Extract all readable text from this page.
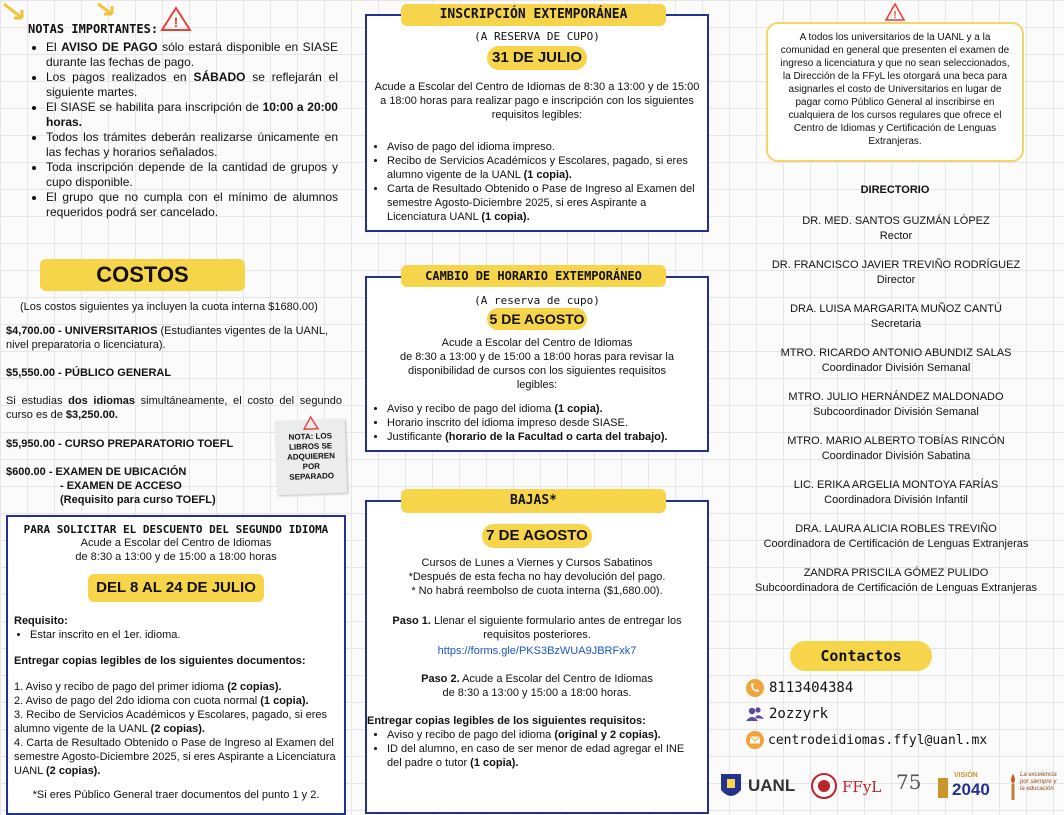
NOTAS IMPORTANTES: !
• El AVISO DE PAGO sólo estará disponible en SIASE durante las fechas de pago.
• Los pagos realizados en SÁBADO se reflejarán el siguiente martes.
• El SIASE se habilita para inscripción de 10:00 a 20:00 horas.
• Todos los trámites deberán realizarse únicamente en las fechas y horarios señalados.
• Toda inscripción depende de la cantidad de grupos y cupo disponible.
• El grupo que no cumpla con el mínimo de alumnos requeridos podrá ser cancelado.
COSTOS
(Los costos siguientes ya incluyen la cuota interna $1680.00)
$4,700.00 - UNIVERSITARIOS (Estudiantes vigentes de la UANL, nivel preparatoria o licenciatura).
$5,550.00 - PÚBLICO GENERAL
Si estudias dos idiomas simultáneamente, el costo del segundo curso es de $3,250.00.
$5,950.00 - CURSO PREPARATORIO TOEFL
$600.00 - EXAMEN DE UBICACIÓN
- EXAMEN DE ACCESO
(Requisito para curso TOEFL)
NOTA: LOS LIBROS SE ADQUIEREN POR SEPARADO
PARA SOLICITAR EL DESCUENTO DEL SEGUNDO IDIOMA
Acude a Escolar del Centro de Idiomas
de 8:30 a 13:00 y de 15:00 a 18:00 horas
DEL 8 AL 24 DE JULIO
Requisito:
• Estar inscrito en el 1er. idioma.
Entregar copias legibles de los siguientes documentos:
1. Aviso y recibo de pago del primer idioma (2 copias).
2. Aviso de pago del 2do idioma con cuota normal (1 copia).
3. Recibo de Servicios Académicos y Escolares, pagado, si eres alumno vigente de la UANL (2 copias).
4. Carta de Resultado Obtenido o Pase de Ingreso al Examen del semestre Agosto-Diciembre 2025, si eres Aspirante a Licenciatura UANL (2 copias).
*Si eres Público General traer documentos del punto 1 y 2.
(A RESERVA DE CUPO)
31 DE JULIO
Acude a Escolar del Centro de Idiomas de 8:30 a 13:00 y de 15:00 a 18:00 horas para realizar pago e inscripción con los siguientes requisitos legibles:
• Aviso de pago del idioma impreso.
• Recibo de Servicios Académicos y Escolares, pagado, si eres alumno vigente de la UANL (1 copia).
• Carta de Resultado Obtenido o Pase de Ingreso al Examen del semestre Agosto-Diciembre 2025, si eres Aspirante a Licenciatura UANL (1 copia).
INSCRIPCIÓN EXTEMPORÁNEA
(A reserva de cupo)
5 DE AGOSTO
Acude a Escolar del Centro de Idiomas
de 8:30 a 13:00 y de 15:00 a 18:00 horas para revisar la disponibilidad de cursos con los siguientes requisitos legibles:
• Aviso y recibo de pago del idioma (1 copia).
• Horario inscrito del idioma impreso desde SIASE.
• Justificante (horario de la Facultad o carta del trabajo).
CAMBIO DE HORARIO EXTEMPORÁNEO
7 DE AGOSTO
Cursos de Lunes a Viernes y Cursos Sabatinos
*Después de esta fecha no hay devolución del pago.
* No habrá reembolso de cuota interna ($1,680.00).
Paso 1. Llenar el siguiente formulario antes de entregar los requisitos posteriores.
https://forms.gle/PKS3BzWUA9JBRFxk7
Paso 2. Acude a Escolar del Centro de Idiomas
de 8:30 a 13:00 y 15:00 a 18:00 horas.
Entregar copias legibles de los siguientes requisitos:
• Aviso y recibo de pago del idioma (original y 2 copias).
• ID del alumno, en caso de ser menor de edad agregar el INE del padre o tutor (1 copia).
BAJAS*
!
A todos los universitarios de la UANL y a la comunidad en general que presenten el examen de ingreso a licenciatura y que no sean seleccionados, la Dirección de la FFyL les otorgará una beca para asignarles el costo de Universitarios en lugar de pagar como Público General al inscribirse en cualquiera de los cursos regulares que ofrece el Centro de Idiomas y Certificación de Lenguas Extranjeras.
DIRECTORIO
DR. MED. SANTOS GUZMÁN LÓPEZ
Rector
DR. FRANCISCO JAVIER TREVIÑO RODRÍGUEZ
Director
DRA. LUISA MARGARITA MUÑOZ CANTÚ
Secretaria
MTRO. RICARDO ANTONIO ABUNDIZ SALAS
Coordinador División Semanal
MTRO. JULIO HERNÁNDEZ MALDONADO
Subcoordinador División Semanal
MTRO. MARIO ALBERTO TOBÍAS RINCÓN
Coordinador División Sabatina
LIC. ERIKA ARGELIA MONTOYA FARÍAS
Coordinadora División Infantil
DRA. LAURA ALICIA ROBLES TREVIÑO
Coordinadora de Certificación de Lenguas Extranjeras
ZANDRA PRISCILA GÓMEZ PULIDO
Subcoordinadora de Certificación de Lenguas Extranjeras
Contactos
8113404384
2ozzyrk
centrodeidiomas.ffyl@uanl.mx
UANL	FFyL 75	VISIÓN
2040
La excelencia por siempre y la educación
